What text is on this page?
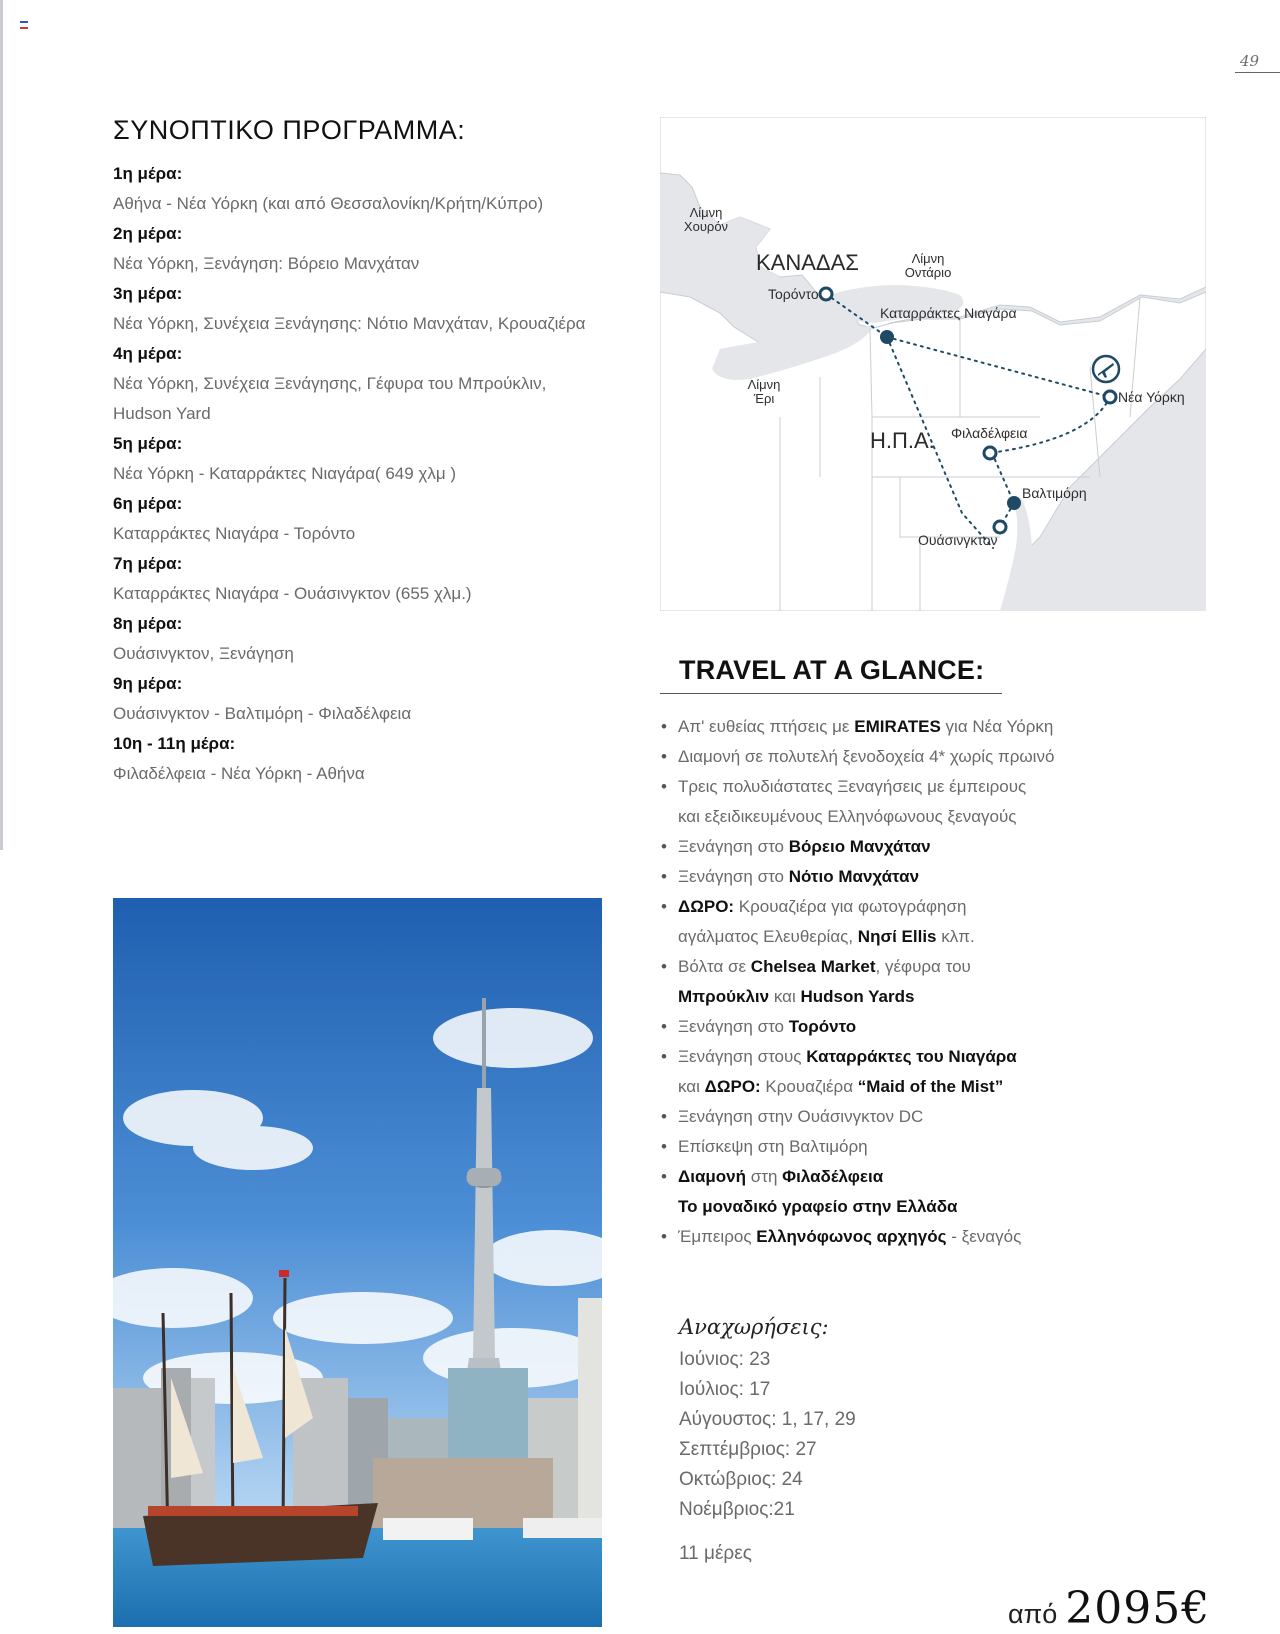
49
ΣΥΝΟΠΤΙΚΟ ΠΡΟΓΡΑΜΜΑ:
1η μέρα:
Αθήνα - Νέα Υόρκη (και από Θεσσαλονίκη/Κρήτη/Κύπρο)
2η μέρα:
Νέα Υόρκη, Ξενάγηση: Βόρειο Μανχάταν
3η μέρα:
Νέα Υόρκη, Συνέχεια Ξενάγησης: Νότιο Μανχάταν, Κρουαζιέρα
4η μέρα:
Νέα Υόρκη, Συνέχεια Ξενάγησης, Γέφυρα του Μπρούκλιν,
Hudson Yard
5η μέρα:
Νέα Υόρκη - Καταρράκτες Νιαγάρα( 649 χλμ )
6η μέρα:
Καταρράκτες Νιαγάρα - Τορόντο
7η μέρα:
Καταρράκτες Νιαγάρα - Ουάσινγκτον (655 χλμ.)
8η μέρα:
Ουάσινγκτον, Ξενάγηση
9η μέρα:
Ουάσινγκτον - Βαλτιμόρη - Φιλαδέλφεια
10η - 11η μέρα:
Φιλαδέλφεια - Νέα Υόρκη - Αθήνα
Λίμνη Χουρόν
Λίμνη Οντάριο
Λίμνη Έρι
ΚΑΝΑΔΑΣ
Η.Π.Α.
Τορόντο
Καταρράκτες Νιαγάρα
Νέα Υόρκη
Φιλαδέλφεια
Βαλτιμόρη
Ουάσινγκτον
TRAVEL AT A GLANCE:
• Απ' ευθείας πτήσεις με EMIRATES για Νέα Υόρκη
• Διαμονή σε πολυτελή ξενοδοχεία 4* χωρίς πρωινό
• Τρεις πολυδιάστατες Ξεναγήσεις με έμπειρους
και εξειδικευμένους Ελληνόφωνους ξεναγούς
• Ξενάγηση στο Βόρειο Μανχάταν
• Ξενάγηση στο Νότιο Μανχάταν
• ΔΩΡΟ: Κρουαζιέρα για φωτογράφηση
αγάλματος Ελευθερίας, Νησί Ellis κλπ.
• Βόλτα σε Chelsea Market, γέφυρα του
Μπρούκλιν και Hudson Yards
• Ξενάγηση στο Τορόντο
• Ξενάγηση στους Καταρράκτες του Νιαγάρα
και ΔΩΡΟ: Κρουαζιέρα “Maid of the Mist”
• Ξενάγηση στην Ουάσινγκτον DC
• Επίσκεψη στη Βαλτιμόρη
• Διαμονή στη Φιλαδέλφεια
Το μοναδικό γραφείο στην Ελλάδα
• Έμπειρος Ελληνόφωνος αρχηγός - ξεναγός
Αναχωρήσεις:
Ιούνιος: 23
Ιούλιος: 17
Αύγουστος: 1, 17, 29
Σεπτέμβριος: 27
Οκτώβριος: 24
Νοέμβριος:21
11 μέρες
από 2095€
